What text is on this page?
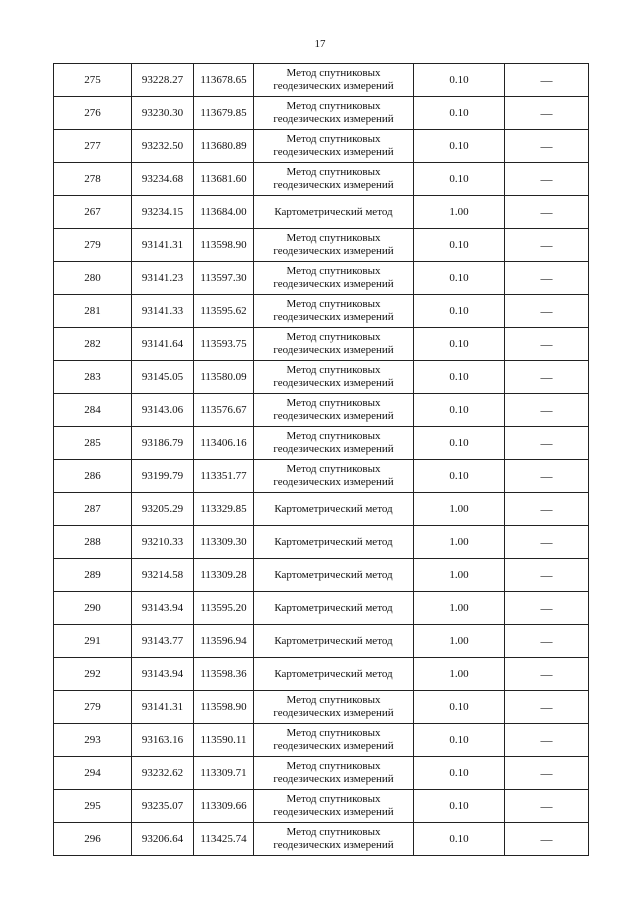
17
275	93228.27	113678.65	Метод спутниковых геодезических измерений	0.10	—
276	93230.30	113679.85	Метод спутниковых геодезических измерений	0.10	—
277	93232.50	113680.89	Метод спутниковых геодезических измерений	0.10	—
278	93234.68	113681.60	Метод спутниковых геодезических измерений	0.10	—
267	93234.15	113684.00	Картометрический метод	1.00	—
279	93141.31	113598.90	Метод спутниковых геодезических измерений	0.10	—
280	93141.23	113597.30	Метод спутниковых геодезических измерений	0.10	—
281	93141.33	113595.62	Метод спутниковых геодезических измерений	0.10	—
282	93141.64	113593.75	Метод спутниковых геодезических измерений	0.10	—
283	93145.05	113580.09	Метод спутниковых геодезических измерений	0.10	—
284	93143.06	113576.67	Метод спутниковых геодезических измерений	0.10	—
285	93186.79	113406.16	Метод спутниковых геодезических измерений	0.10	—
286	93199.79	113351.77	Метод спутниковых геодезических измерений	0.10	—
287	93205.29	113329.85	Картометрический метод	1.00	—
288	93210.33	113309.30	Картометрический метод	1.00	—
289	93214.58	113309.28	Картометрический метод	1.00	—
290	93143.94	113595.20	Картометрический метод	1.00	—
291	93143.77	113596.94	Картометрический метод	1.00	—
292	93143.94	113598.36	Картометрический метод	1.00	—
279	93141.31	113598.90	Метод спутниковых геодезических измерений	0.10	—
293	93163.16	113590.11	Метод спутниковых геодезических измерений	0.10	—
294	93232.62	113309.71	Метод спутниковых геодезических измерений	0.10	—
295	93235.07	113309.66	Метод спутниковых геодезических измерений	0.10	—
296	93206.64	113425.74	Метод спутниковых геодезических измерений	0.10	—
